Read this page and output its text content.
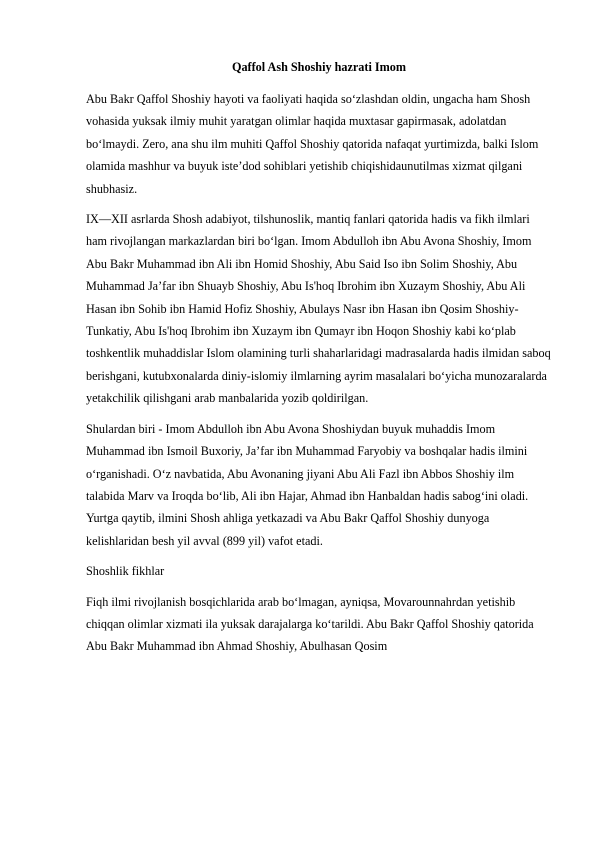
Qaffol Ash Shoshiy hazrati Imom

Abu Bakr Qaffol Shoshiy hayoti va faoliyati haqida so‘zlashdan oldin, ungacha ham Shosh vohasida yuksak ilmiy muhit yaratgan olimlar haqida muxtasar gapirmasak, adolatdan bo‘lmaydi. Zero, ana shu ilm muhiti Qaffol Shoshiy qatorida nafaqat yurtimizda, balki Islom olamida mashhur va buyuk iste’dod sohiblari yetishib chiqishidaunutilmas xizmat qilgani shubhasiz.

IX—XII asrlarda Shosh adabiyot, tilshunoslik, mantiq fanlari qatorida hadis va fikh ilmlari ham rivojlangan markazlardan biri bo‘lgan. Imom Abdulloh ibn Abu Avona Shoshiy, Imom Abu Bakr Muhammad ibn Ali ibn Homid Shoshiy, Abu Said Iso ibn Solim Shoshiy, Abu Muhammad Ja’far ibn Shuayb Shoshiy, Abu Is'hoq Ibrohim ibn Xuzaym Shoshiy, Abu Ali Hasan ibn Sohib ibn Hamid Hofiz Shoshiy, Abulays Nasr ibn Hasan ibn Qosim Shoshiy-Tunkatiy, Abu Is'hoq Ibrohim ibn Xuzaym ibn Qumayr ibn Hoqon Shoshiy kabi ko‘plab toshkentlik muhaddislar Islom olamining turli shaharlaridagi madrasalarda hadis ilmidan saboq berishgani, kutubxonalarda diniy-islomiy ilmlarning ayrim masalalari bo‘yicha munozaralarda yetakchilik qilishgani arab manbalarida yozib qoldirilgan.

Shulardan biri - Imom Abdulloh ibn Abu Avona Shoshiydan buyuk muhaddis Imom Muhammad ibn Ismoil Buxoriy, Ja’far ibn Muhammad Faryobiy va boshqalar hadis ilmini o‘rganishadi. O‘z navbatida, Abu Avonaning jiyani Abu Ali Fazl ibn Abbos Shoshiy ilm talabida Marv va Iroqda bo‘lib, Ali ibn Hajar, Ahmad ibn Hanbaldan hadis sabog‘ini oladi. Yurtga qaytib, ilmini Shosh ahliga yetkazadi va Abu Bakr Qaffol Shoshiy dunyoga kelishlaridan besh yil avval (899 yil) vafot etadi.

Shoshlik fikhlar

Fiqh ilmi rivojlanish bosqichlarida arab bo‘lmagan, ayniqsa, Movarounnahrdan yetishib chiqqan olimlar xizmati ila yuksak darajalarga ko‘tarildi. Abu Bakr Qaffol Shoshiy qatorida Abu Bakr Muhammad ibn Ahmad Shoshiy, Abulhasan Qosim
